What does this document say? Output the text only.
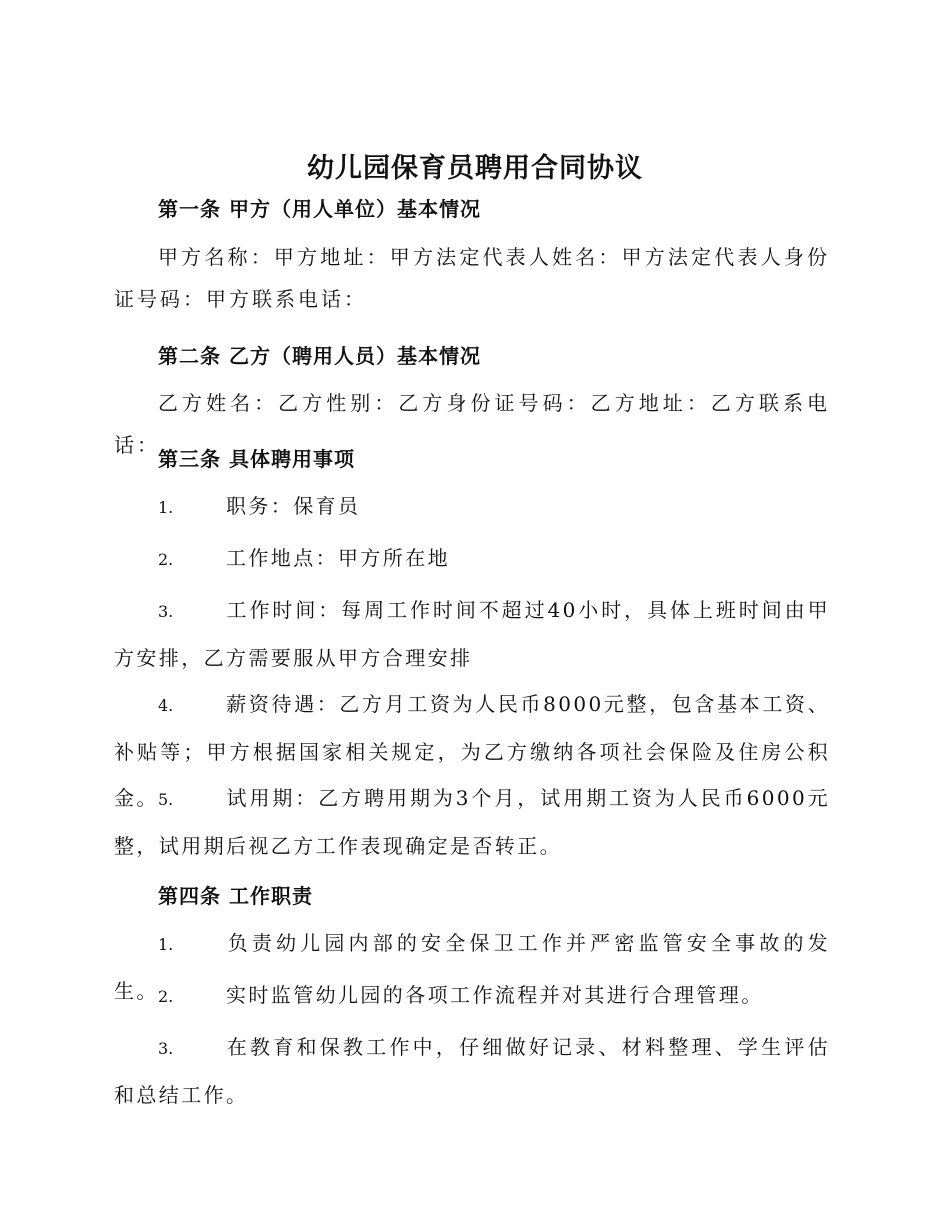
幼儿园保育员聘用合同协议
第一条 甲方（用人单位）基本情况
甲方名称：甲方地址：甲方法定代表人姓名：甲方法定代表人身份证号码：甲方联系电话：
第二条 乙方（聘用人员）基本情况
乙方姓名：乙方性别：乙方身份证号码：乙方地址：乙方联系电话：
第三条 具体聘用事项
1.	职务：保育员
2.	工作地点：甲方所在地
3.	工作时间：每周工作时间不超过40小时，具体上班时间由甲方安排，乙方需要服从甲方合理安排
4.	薪资待遇：乙方月工资为人民币8000元整，包含基本工资、补贴等；甲方根据国家相关规定，为乙方缴纳各项社会保险及住房公积金。 5.	试用期：乙方聘用期为3个月，试用期工资为人民币6000元整，试用期后视乙方工作表现确定是否转正。
第四条 工作职责
1.	负责幼儿园内部的安全保卫工作并严密监管安全事故的发生。 2.	实时监管幼儿园的各项工作流程并对其进行合理管理。
3.	在教育和保教工作中，仔细做好记录、材料整理、学生评估和总结工作。
